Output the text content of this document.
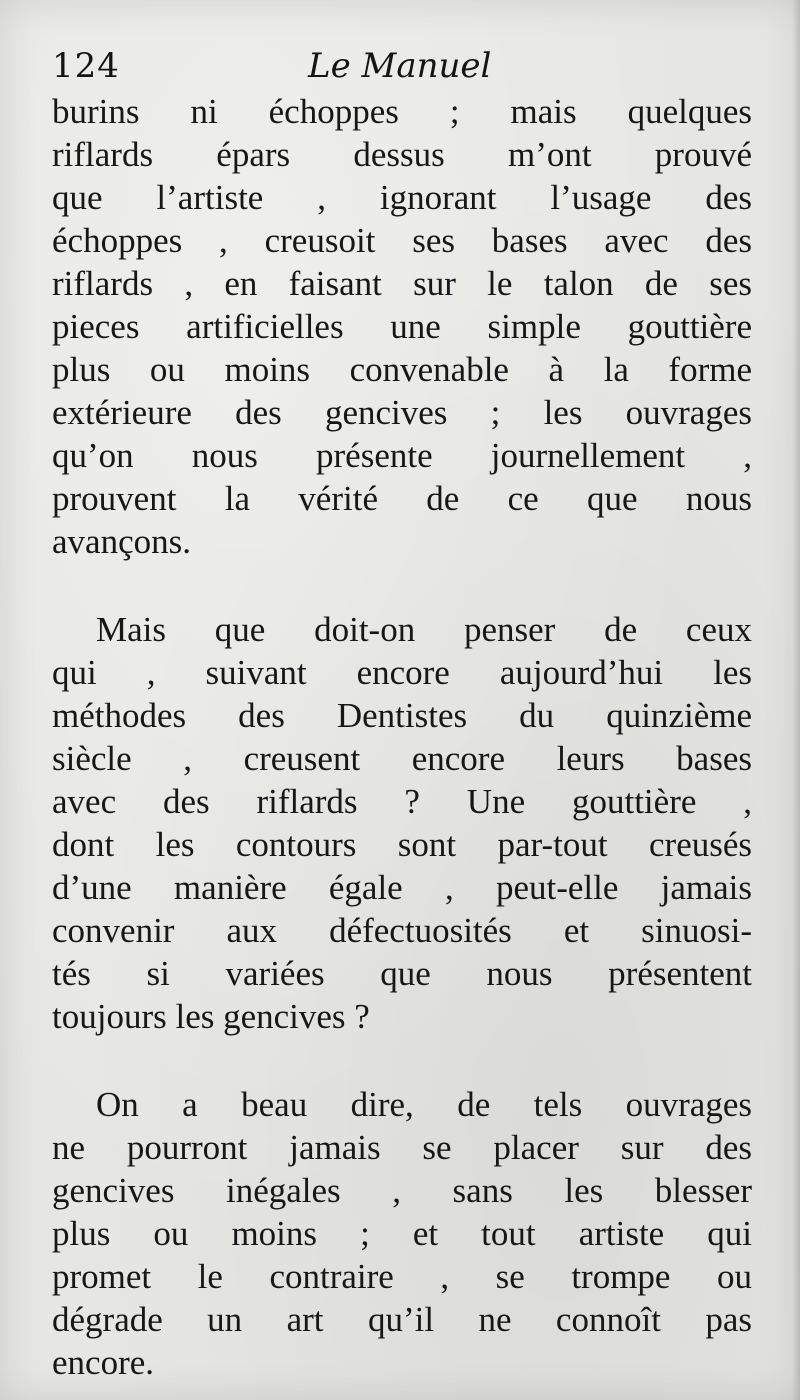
124	Le Manuel
burins ni échoppes ; mais quelques
riflards épars dessus m’ont prouvé
que l’artiste , ignorant l’usage des
échoppes , creusoit ses bases avec des
riflards , en faisant sur le talon de ses
pieces artificielles une simple gouttière
plus ou moins convenable à la forme
extérieure des gencives ; les ouvrages
qu’on nous présente journellement ,
prouvent la vérité de ce que nous
avançons.
Mais que doit-on penser de ceux
qui , suivant encore aujourd’hui les
méthodes des Dentistes du quinzième
siècle , creusent encore leurs bases
avec des riflards ? Une gouttière ,
dont les contours sont par-tout creusés
d’une manière égale , peut-elle jamais
convenir aux défectuosités et sinuosi-
tés si variées que nous présentent
toujours les gencives ?
On a beau dire, de tels ouvrages
ne pourront jamais se placer sur des
gencives inégales , sans les blesser
plus ou moins ; et tout artiste qui
promet le contraire , se trompe ou
dégrade un art qu’il ne connoît pas
encore.
